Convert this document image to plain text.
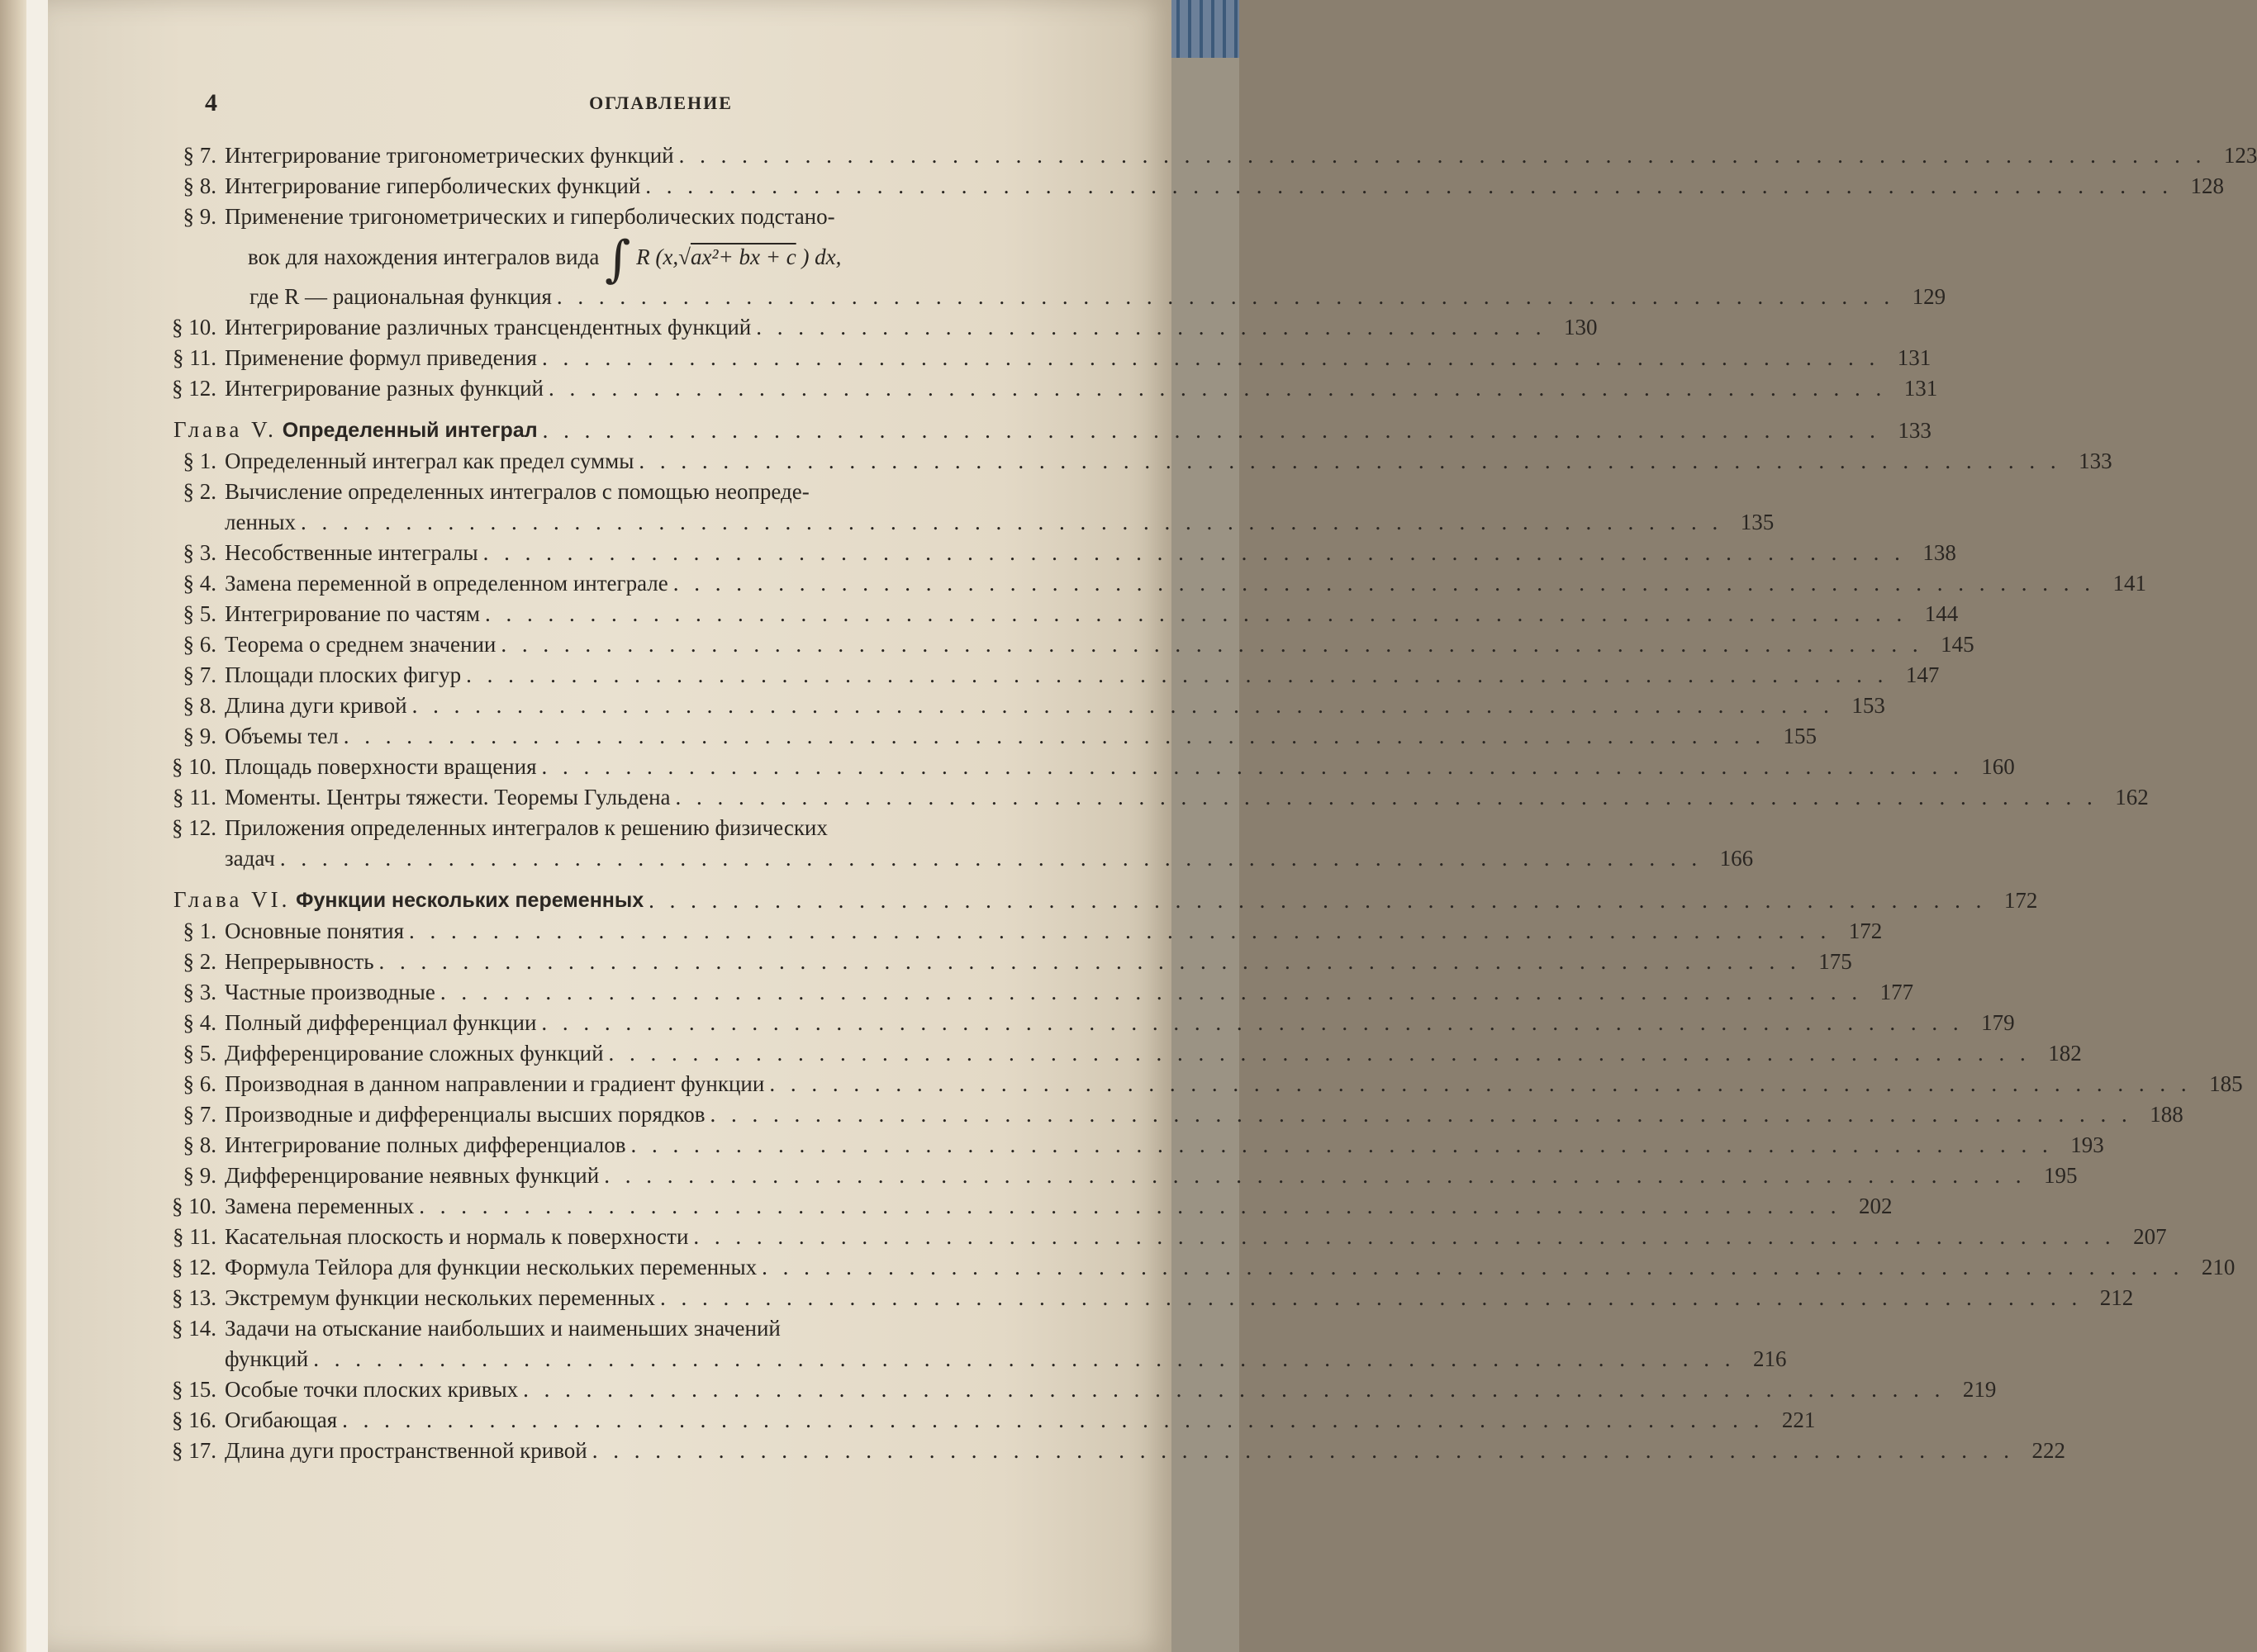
4	ОГЛАВЛЕНИЕ
§ 7. Интегрирование тригонометрических функций . . . . . . . . . . . . . . . . . . . . . . . . . . . . . . . . . . . . . . . . . . . . . . . . . . . . . . . . . . . . . . . . . . . . . . . . . 123
§ 8. Интегрирование гиперболических функций . . . . . . . . . . . . . . . . . . . . . . . . . . . . . . . . . . . . . . . . . . . . . . . . . . . . . . . . . . . . . . . . . . . . . . . . . 128
§ 9. Применение тригонометрических и гиперболических подстано-
вок для нахождения интегралов вида ∫ R (x,√ax²+ bx + c ) dx,
где R — рациональная функция . . . . . . . . . . . . . . . . . . . . . . . . . . . . . . . . . . . . . . . . . . . . . . . . . . . . . . . . . . . . . . . . 129
§ 10. Интегрирование различных трансцендентных функций . . . . . . . . . . . . . . . . . . . . . . . . . . . . . . . . . . . . . . 130
§ 11. Применение формул приведения . . . . . . . . . . . . . . . . . . . . . . . . . . . . . . . . . . . . . . . . . . . . . . . . . . . . . . . . . . . . . . . . 131
§ 12. Интегрирование разных функций . . . . . . . . . . . . . . . . . . . . . . . . . . . . . . . . . . . . . . . . . . . . . . . . . . . . . . . . . . . . . . . . 131
Глава V. Определенный интеграл . . . . . . . . . . . . . . . . . . . . . . . . . . . . . . . . . . . . . . . . . . . . . . . . . . . . . . . . . . . . . . . . 133
§ 1. Определенный интеграл как предел суммы . . . . . . . . . . . . . . . . . . . . . . . . . . . . . . . . . . . . . . . . . . . . . . . . . . . . . . . . . . . . . . . . . . . . 133
§ 2. Вычисление определенных интегралов с помощью неопреде-
ленных . . . . . . . . . . . . . . . . . . . . . . . . . . . . . . . . . . . . . . . . . . . . . . . . . . . . . . . . . . . . . . . . . . . . 135
§ 3. Несобственные интегралы . . . . . . . . . . . . . . . . . . . . . . . . . . . . . . . . . . . . . . . . . . . . . . . . . . . . . . . . . . . . . . . . . . . . 138
§ 4. Замена переменной в определенном интеграле . . . . . . . . . . . . . . . . . . . . . . . . . . . . . . . . . . . . . . . . . . . . . . . . . . . . . . . . . . . . . . . . . . . . 141
§ 5. Интегрирование по частям . . . . . . . . . . . . . . . . . . . . . . . . . . . . . . . . . . . . . . . . . . . . . . . . . . . . . . . . . . . . . . . . . . . . 144
§ 6. Теорема о среднем значении . . . . . . . . . . . . . . . . . . . . . . . . . . . . . . . . . . . . . . . . . . . . . . . . . . . . . . . . . . . . . . . . . . . . 145
§ 7. Площади плоских фигур . . . . . . . . . . . . . . . . . . . . . . . . . . . . . . . . . . . . . . . . . . . . . . . . . . . . . . . . . . . . . . . . . . . . 147
§ 8. Длина дуги кривой . . . . . . . . . . . . . . . . . . . . . . . . . . . . . . . . . . . . . . . . . . . . . . . . . . . . . . . . . . . . . . . . . . . . 153
§ 9. Объемы тел . . . . . . . . . . . . . . . . . . . . . . . . . . . . . . . . . . . . . . . . . . . . . . . . . . . . . . . . . . . . . . . . . . . . 155
§ 10. Площадь поверхности вращения . . . . . . . . . . . . . . . . . . . . . . . . . . . . . . . . . . . . . . . . . . . . . . . . . . . . . . . . . . . . . . . . . . . . 160
§ 11. Моменты. Центры тяжести. Теоремы Гульдена . . . . . . . . . . . . . . . . . . . . . . . . . . . . . . . . . . . . . . . . . . . . . . . . . . . . . . . . . . . . . . . . . . . . 162
§ 12. Приложения определенных интегралов к решению физических
задач . . . . . . . . . . . . . . . . . . . . . . . . . . . . . . . . . . . . . . . . . . . . . . . . . . . . . . . . . . . . . . . . . . . . 166
Глава VI. Функции нескольких переменных . . . . . . . . . . . . . . . . . . . . . . . . . . . . . . . . . . . . . . . . . . . . . . . . . . . . . . . . . . . . . . . . 172
§ 1. Основные понятия . . . . . . . . . . . . . . . . . . . . . . . . . . . . . . . . . . . . . . . . . . . . . . . . . . . . . . . . . . . . . . . . . . . . 172
§ 2. Непрерывность . . . . . . . . . . . . . . . . . . . . . . . . . . . . . . . . . . . . . . . . . . . . . . . . . . . . . . . . . . . . . . . . . . . . 175
§ 3. Частные производные . . . . . . . . . . . . . . . . . . . . . . . . . . . . . . . . . . . . . . . . . . . . . . . . . . . . . . . . . . . . . . . . . . . . 177
§ 4. Полный дифференциал функции . . . . . . . . . . . . . . . . . . . . . . . . . . . . . . . . . . . . . . . . . . . . . . . . . . . . . . . . . . . . . . . . . . . . 179
§ 5. Дифференцирование сложных функций . . . . . . . . . . . . . . . . . . . . . . . . . . . . . . . . . . . . . . . . . . . . . . . . . . . . . . . . . . . . . . . . . . . . 182
§ 6. Производная в данном направлении и градиент функции . . . . . . . . . . . . . . . . . . . . . . . . . . . . . . . . . . . . . . . . . . . . . . . . . . . . . . . . . . . . . . . . . . . . 185
§ 7. Производные и дифференциалы высших порядков . . . . . . . . . . . . . . . . . . . . . . . . . . . . . . . . . . . . . . . . . . . . . . . . . . . . . . . . . . . . . . . . . . . . 188
§ 8. Интегрирование полных дифференциалов . . . . . . . . . . . . . . . . . . . . . . . . . . . . . . . . . . . . . . . . . . . . . . . . . . . . . . . . . . . . . . . . . . . . 193
§ 9. Дифференцирование неявных функций . . . . . . . . . . . . . . . . . . . . . . . . . . . . . . . . . . . . . . . . . . . . . . . . . . . . . . . . . . . . . . . . . . . . 195
§ 10. Замена переменных . . . . . . . . . . . . . . . . . . . . . . . . . . . . . . . . . . . . . . . . . . . . . . . . . . . . . . . . . . . . . . . . . . . . 202
§ 11. Касательная плоскость и нормаль к поверхности . . . . . . . . . . . . . . . . . . . . . . . . . . . . . . . . . . . . . . . . . . . . . . . . . . . . . . . . . . . . . . . . . . . . 207
§ 12. Формула Тейлора для функции нескольких переменных . . . . . . . . . . . . . . . . . . . . . . . . . . . . . . . . . . . . . . . . . . . . . . . . . . . . . . . . . . . . . . . . . . . . 210
§ 13. Экстремум функции нескольких переменных . . . . . . . . . . . . . . . . . . . . . . . . . . . . . . . . . . . . . . . . . . . . . . . . . . . . . . . . . . . . . . . . . . . . 212
§ 14. Задачи на отыскание наибольших и наименьших значений
функций . . . . . . . . . . . . . . . . . . . . . . . . . . . . . . . . . . . . . . . . . . . . . . . . . . . . . . . . . . . . . . . . . . . . 216
§ 15. Особые точки плоских кривых . . . . . . . . . . . . . . . . . . . . . . . . . . . . . . . . . . . . . . . . . . . . . . . . . . . . . . . . . . . . . . . . . . . . 219
§ 16. Огибающая . . . . . . . . . . . . . . . . . . . . . . . . . . . . . . . . . . . . . . . . . . . . . . . . . . . . . . . . . . . . . . . . . . . . 221
§ 17. Длина дуги пространственной кривой . . . . . . . . . . . . . . . . . . . . . . . . . . . . . . . . . . . . . . . . . . . . . . . . . . . . . . . . . . . . . . . . . . . . 222
